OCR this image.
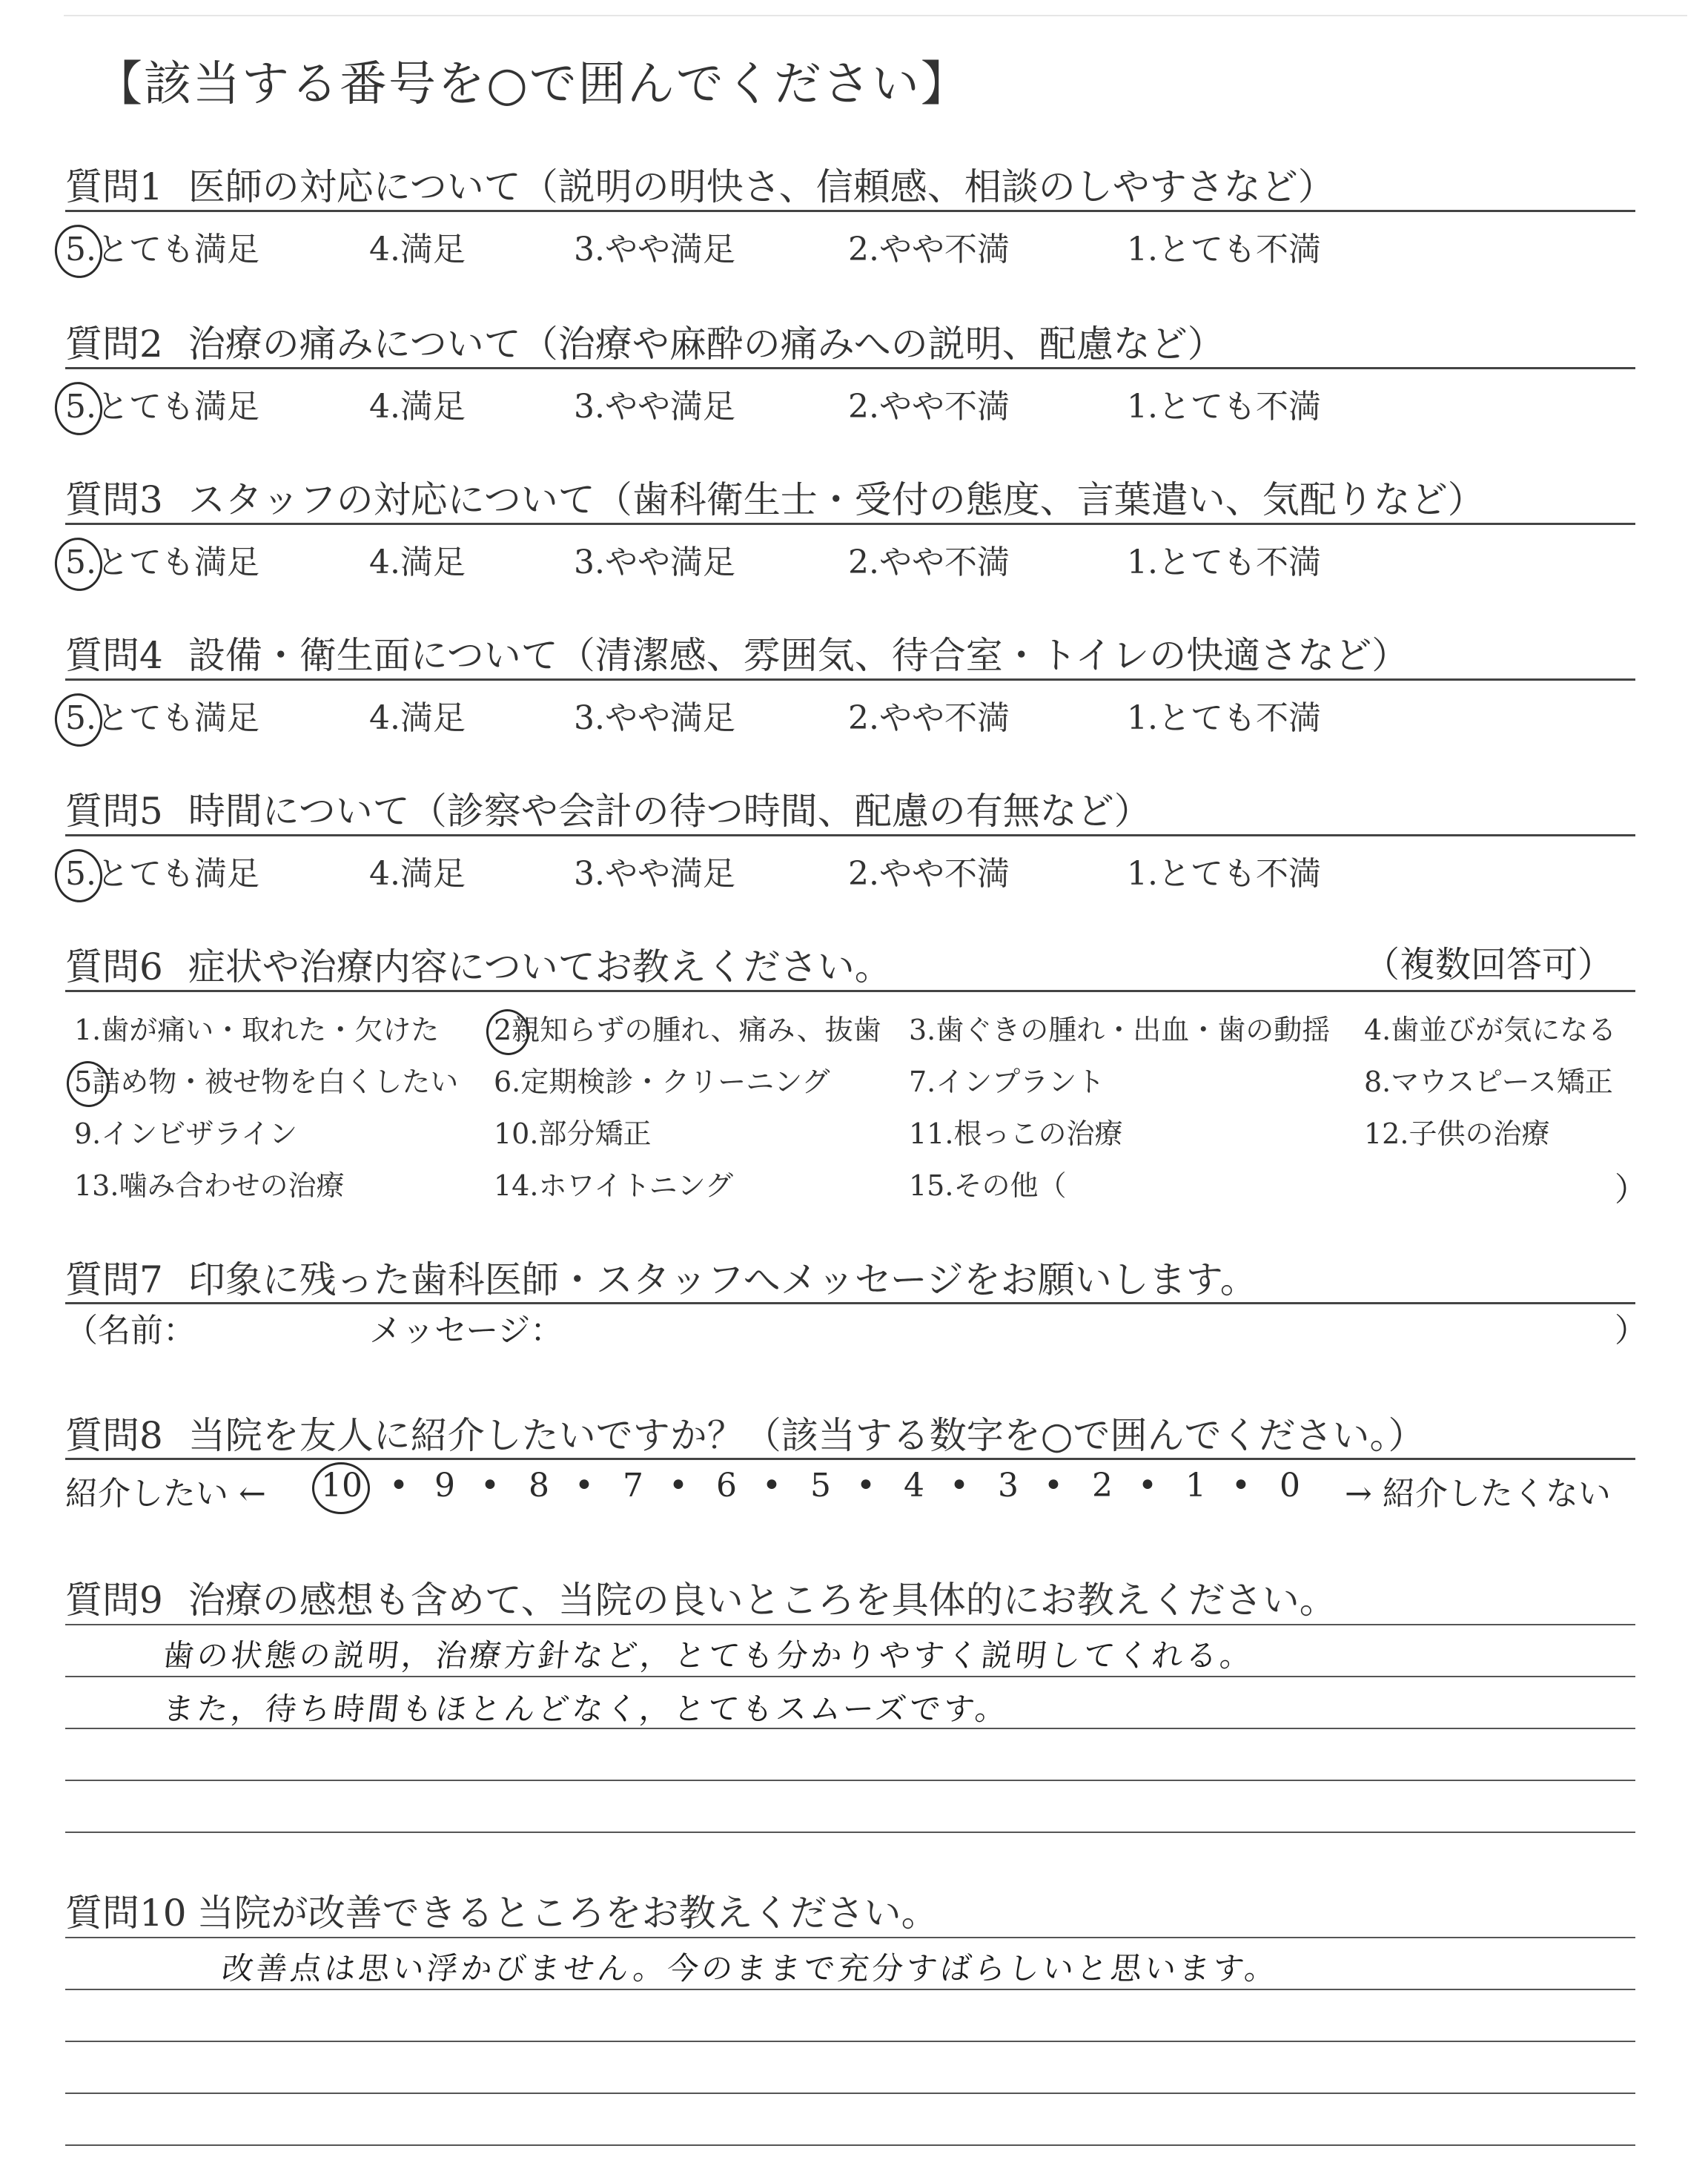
【該当する番号を○で囲んでください】
質問1 医師の対応について（説明の明快さ、信頼感、相談のしやすさなど）
5.とても満足	4.満足	3.やや満足	2.やや不満	1.とても不満
質問2 治療の痛みについて（治療や麻酔の痛みへの説明、配慮など）
5.とても満足	4.満足	3.やや満足	2.やや不満	1.とても不満
質問3 スタッフの対応について（歯科衛生士・受付の態度、言葉遣い、気配りなど）
5.とても満足	4.満足	3.やや満足	2.やや不満	1.とても不満
質問4 設備・衛生面について（清潔感、雰囲気、待合室・トイレの快適さなど）
5.とても満足	4.満足	3.やや満足	2.やや不満	1.とても不満
質問5 時間について（診察や会計の待つ時間、配慮の有無など）
5.とても満足	4.満足	3.やや満足	2.やや不満	1.とても不満
質問6 症状や治療内容についてお教えください。	（複数回答可）
1.歯が痛い・取れた・欠けた 2親知らずの腫れ、痛み、抜歯 3.歯ぐきの腫れ・出血・歯の動揺 4.歯並びが気になる
5詰め物・被せ物を白くしたい 6.定期検診・クリーニング	7.インプラント	8.マウスピース矯正
9.インビザライン	10.部分矯正	11.根っこの治療	12.子供の治療
13.噛み合わせの治療	14.ホワイトニング	15.その他（	）
質問7 印象に残った歯科医師・スタッフへメッセージをお願いします。
（名前：	メッセージ：	）
質問8 当院を友人に紹介したいですか？（該当する数字を○で囲んでください。）
紹介したい ←	→ 紹介したくない
10 • 9 • 8 • 7 • 6 • 5 • 4 • 3 • 2 • 1 • 0
質問9 治療の感想も含めて、当院の良いところを具体的にお教えください。
歯の状態の説明，治療方針など，とても分かりやすく説明してくれる。
また，待ち時間もほとんどなく，とてもスムーズです。
質問10 当院が改善できるところをお教えください。
改善点は思い浮かびません。今のままで充分すばらしいと思います。
